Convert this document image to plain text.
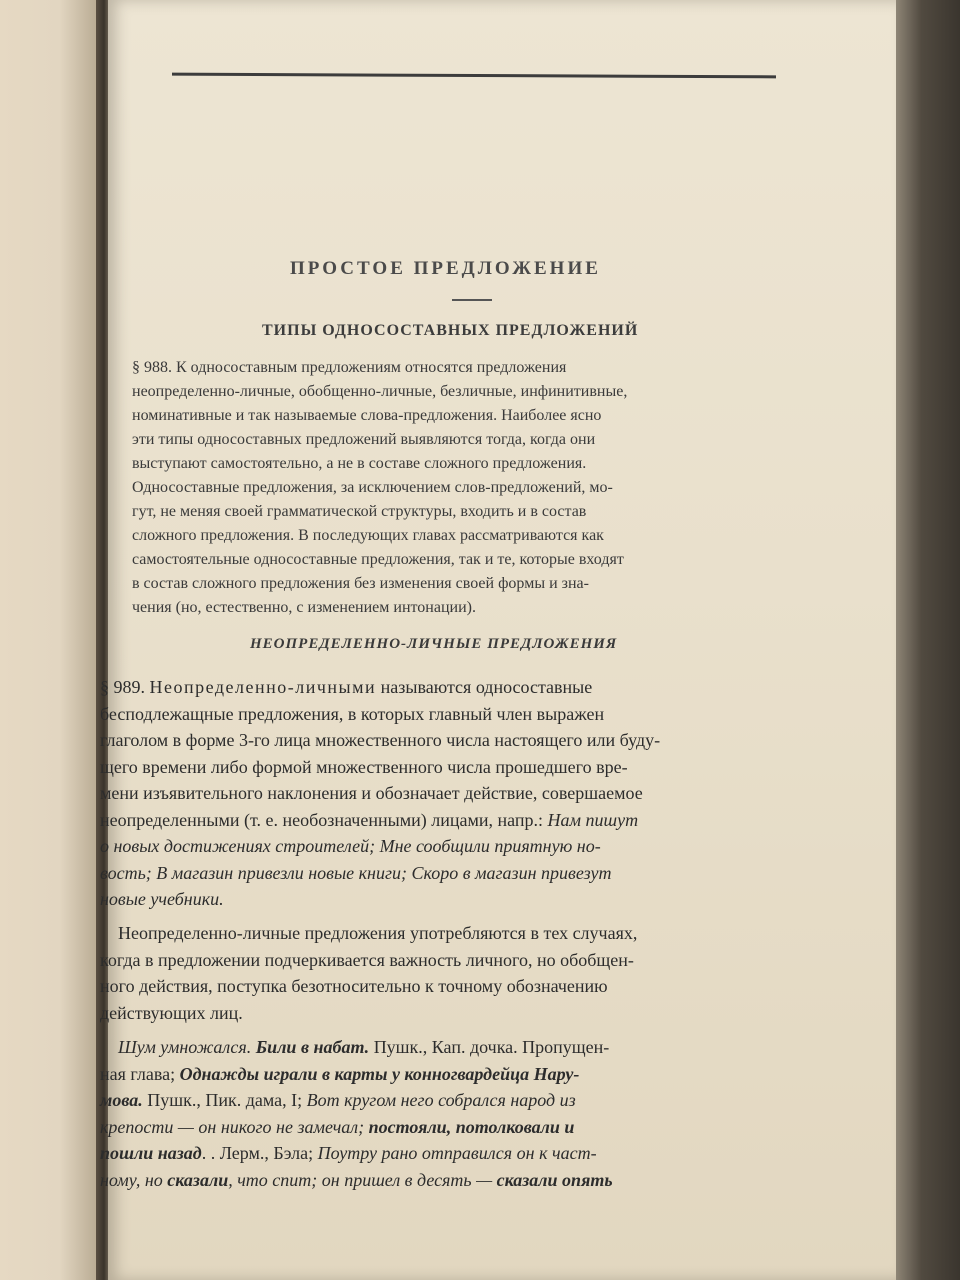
ПРОСТОЕ ПРЕДЛОЖЕНИЕ
ТИПЫ ОДНОСОСТАВНЫХ ПРЕДЛОЖЕНИЙ
§ 988. К односоставным предложениям относятся предложения
неопределенно-личные, обобщенно-личные, безличные, инфинитивные,
номинативные и так называемые слова-предложения. Наиболее ясно
эти типы односоставных предложений выявляются тогда, когда они
выступают самостоятельно, а не в составе сложного предложения.
Односоставные предложения, за исключением слов-предложений, мо-
гут, не меняя своей грамматической структуры, входить и в состав
сложного предложения. В последующих главах рассматриваются как
самостоятельные односоставные предложения, так и те, которые входят
в состав сложного предложения без изменения своей формы и зна-
чения (но, естественно, с изменением интонации).
НЕОПРЕДЕЛЕННО-ЛИЧНЫЕ ПРЕДЛОЖЕНИЯ
§ 989. Неопределенно-личными называются односоставные
бесподлежащные предложения, в которых главный член выражен
глаголом в форме 3-го лица множественного числа настоящего или буду-
щего времени либо формой множественного числа прошедшего вре-
мени изъявительного наклонения и обозначает действие, совершаемое
неопределенными (т. е. необозначенными) лицами, напр.: Нам пишут
о новых достижениях строителей; Мне сообщили приятную но-
вость; В магазин привезли новые книги; Скоро в магазин привезут
новые учебники.
Неопределенно-личные предложения употребляются в тех случаях,
когда в предложении подчеркивается важность личного, но обобщен-
ного действия, поступка безотносительно к точному обозначению
действующих лиц.
Шум умножался. Били в набат. Пушк., Кап. дочка. Пропущен-
ная глава; Однажды играли в карты у конногвардейца Нару-
мова. Пушк., Пик. дама, I; Вот кругом него собрался народ из
крепости — он никого не замечал; постояли, потолковали и
пошли назад. . Лерм., Бэла; Поутру рано отправился он к част-
ному, но сказали, что спит; он пришел в десять — сказали опять
